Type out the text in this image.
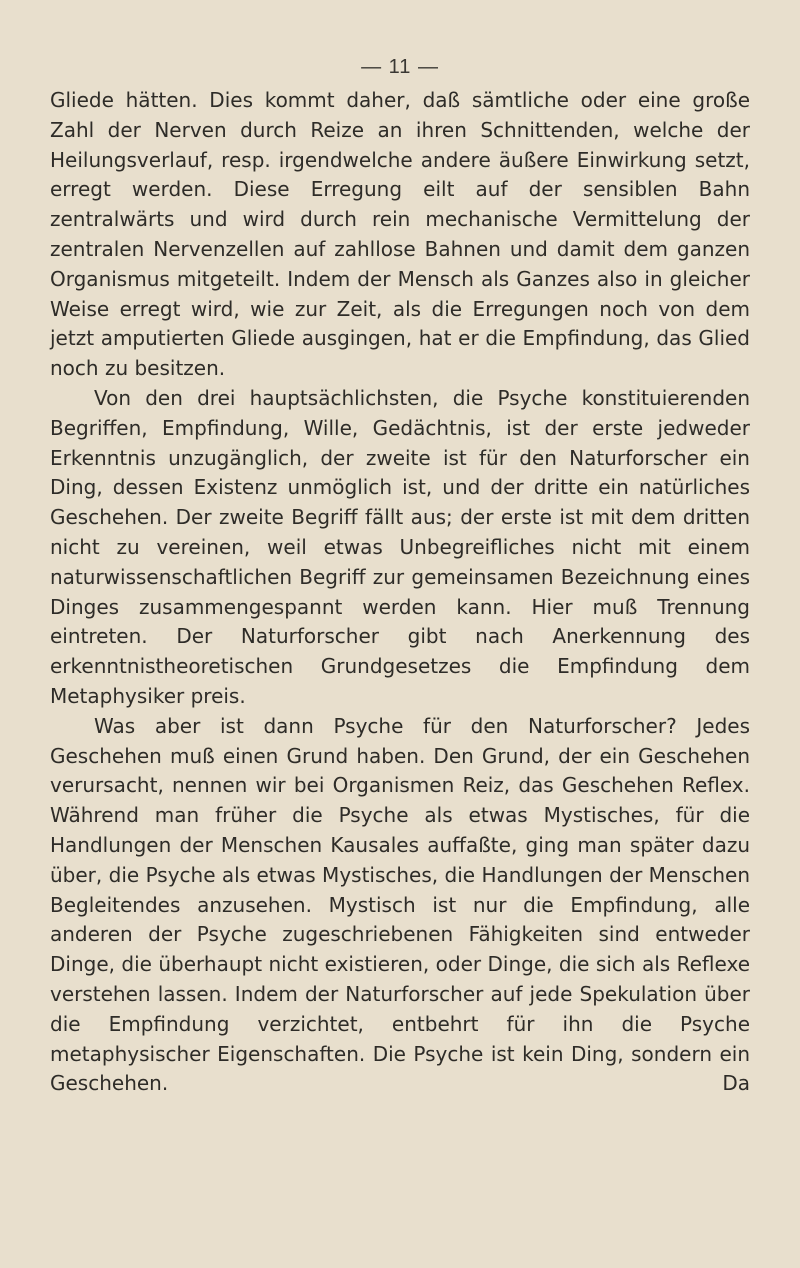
— 11 —

Gliede hätten. Dies kommt daher, daß sämtliche oder eine große Zahl der Nerven durch Reize an ihren Schnittenden, welche der Heilungsverlauf, resp. irgendwelche andere äußere Einwirkung setzt, erregt werden. Diese Erregung eilt auf der sensiblen Bahn zentralwärts und wird durch rein mechanische Vermittelung der zentralen Nervenzellen auf zahllose Bahnen und damit dem ganzen Organismus mitgeteilt. Indem der Mensch als Ganzes also in gleicher Weise erregt wird, wie zur Zeit, als die Erregungen noch von dem jetzt amputierten Gliede ausgingen, hat er die Empfindung, das Glied noch zu besitzen.

Von den drei hauptsächlichsten, die Psyche konstituierenden Begriffen, Empfindung, Wille, Gedächtnis, ist der erste jedweder Erkenntnis unzugänglich, der zweite ist für den Naturforscher ein Ding, dessen Existenz unmöglich ist, und der dritte ein natürliches Geschehen. Der zweite Begriff fällt aus; der erste ist mit dem dritten nicht zu vereinen, weil etwas Unbegreifliches nicht mit einem naturwissenschaftlichen Begriff zur gemeinsamen Bezeichnung eines Dinges zusammengespannt werden kann. Hier muß Trennung eintreten. Der Naturforscher gibt nach Anerkennung des erkenntnistheoretischen Grundgesetzes die Empfindung dem Metaphysiker preis.

Was aber ist dann Psyche für den Naturforscher? Jedes Geschehen muß einen Grund haben. Den Grund, der ein Geschehen verursacht, nennen wir bei Organismen Reiz, das Geschehen Reflex. Während man früher die Psyche als etwas Mystisches, für die Handlungen der Menschen Kausales auffaßte, ging man später dazu über, die Psyche als etwas Mystisches, die Handlungen der Menschen Begleitendes anzusehen. Mystisch ist nur die Empfindung, alle anderen der Psyche zugeschriebenen Fähigkeiten sind entweder Dinge, die überhaupt nicht existieren, oder Dinge, die sich als Reflexe verstehen lassen. Indem der Naturforscher auf jede Spekulation über die Empfindung verzichtet, entbehrt für ihn die Psyche metaphysischer Eigenschaften. Die Psyche ist kein Ding, sondern ein Geschehen. Da
